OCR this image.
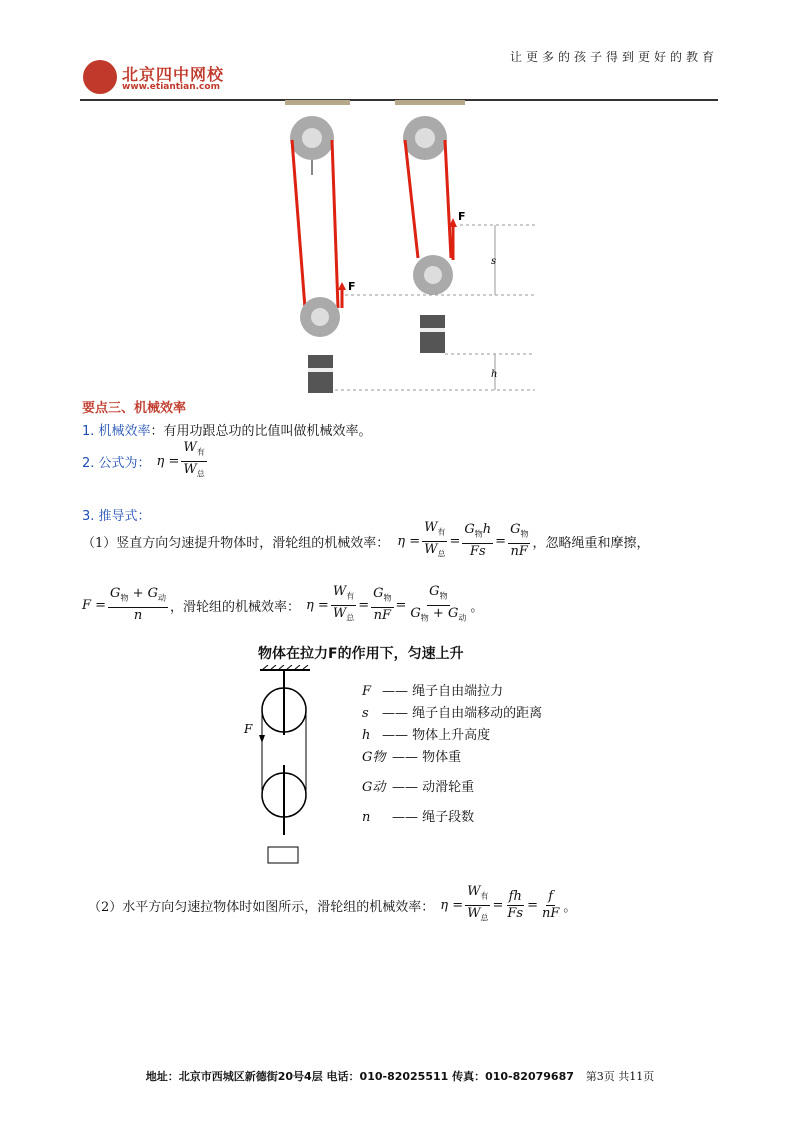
北京四中网校
www.etiantian.com
让更多的孩子得到更好的教育
F
F
s
h
要点三、机械效率
1. 机械效率：有用功跟总功的比值叫做机械效率。
2. 公式为： $\eta = \frac{W_有}{W_总}$
3. 推导式：
（1）竖直方向匀速提升物体时，滑轮组的机械效率： $\eta = \frac{W_有}{W_总} = \frac{G_物h}{Fs} = \frac{G_物}{nF}$ ，忽略绳重和摩擦，
$F = \frac{G_物 + G_动}{n}$ ，滑轮组的机械效率： $\eta = \frac{W_有}{W_总} = \frac{G_物}{nF} = \frac{G_物}{G_物 + G_动}$ 。
物体在拉力F的作用下，匀速上升
F
F —— 绳子自由端拉力
s —— 绳子自由端移动的距离
h —— 物体上升高度
G物 —— 物体重
G动 —— 动滑轮重
n —— 绳子段数
（2）水平方向匀速拉物体时如图所示，滑轮组的机械效率： $\eta = \frac{W_有}{W_总} = \frac{fh}{Fs} = \frac{f}{nF}$ 。
地址：北京市西城区新德街20号4层 电话：010-82025511 传真：010-82079687 第3页 共11页
